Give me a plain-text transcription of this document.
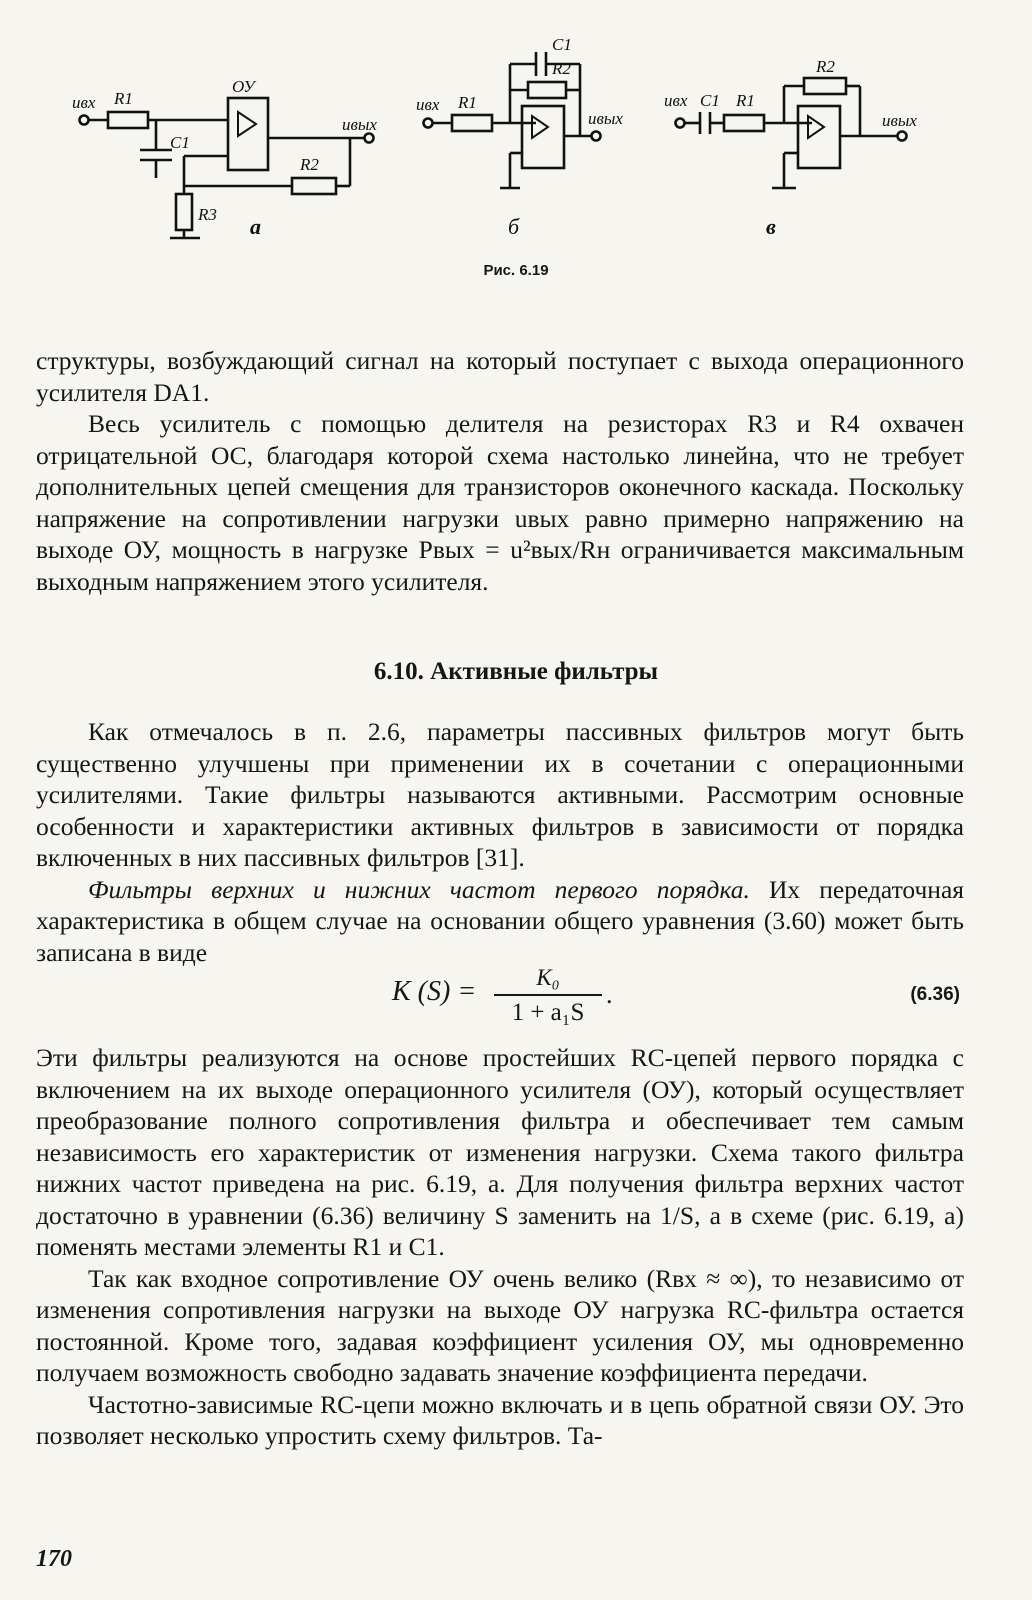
uвх R1
C1
ОУ
uвых
R2
R3 а
uвх R1
C1
R2
uвых
б
uвх C1 R1
R2
uвых
в
Рис. 6.19

структуры, возбуждающий сигнал на который поступает с выхода операционного усилителя DA1.

Весь усилитель с помощью делителя на резисторах R3 и R4 охвачен отрицательной ОС, благодаря которой схема настолько линейна, что не требует дополнительных цепей смещения для транзисторов оконечного каскада. Поскольку напряжение на сопротивлении нагрузки uвых равно примерно напряжению на выходе ОУ, мощность в нагрузке Pвых = u²вых/Rн ограничивается максимальным выходным напряжением этого усилителя.

6.10. Активные фильтры

Как отмечалось в п. 2.6, параметры пассивных фильтров могут быть существенно улучшены при применении их в сочетании с операционными усилителями. Такие фильтры называются активными. Рассмотрим основные особенности и характеристики активных фильтров в зависимости от порядка включенных в них пассивных фильтров [31].

Фильтры верхних и нижних частот первого порядка. Их передаточная характеристика в общем случае на основании общего уравнения (3.60) может быть записана в виде

K (S) =	K₀
1 + a₁S
.	(6.36)

Эти фильтры реализуются на основе простейших RC-цепей первого порядка с включением на их выходе операционного усилителя (ОУ), который осуществляет преобразование полного сопротивления фильтра и обеспечивает тем самым независимость его характеристик от изменения нагрузки. Схема такого фильтра нижних частот приведена на рис. 6.19, а. Для получения фильтра верхних частот достаточно в уравнении (6.36) величину S заменить на 1/S, а в схеме (рис. 6.19, а) поменять местами элементы R1 и C1.

Так как входное сопротивление ОУ очень велико (Rвх ≈ ∞), то независимо от изменения сопротивления нагрузки на выходе ОУ нагрузка RC-фильтра остается постоянной. Кроме того, задавая коэффициент усиления ОУ, мы одновременно получаем возможность свободно задавать значение коэффициента передачи.

Частотно-зависимые RC-цепи можно включать и в цепь обратной связи ОУ. Это позволяет несколько упростить схему фильтров. Та-

170
